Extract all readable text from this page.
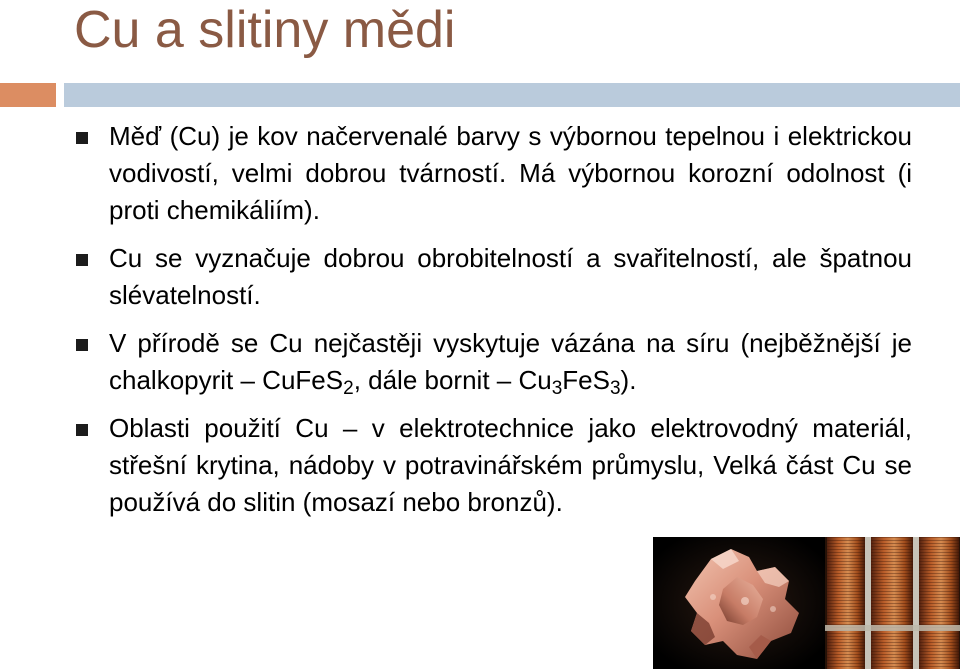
Cu a slitiny mědi
Měď (Cu) je kov načervenalé barvy s výbornou tepelnou i elektrickou vodivostí, velmi dobrou tvárností. Má výbornou korozní odolnost (i proti chemikáliím).
Cu se vyznačuje dobrou obrobitelností a svařitelností, ale špatnou slévatelností.
V přírodě se Cu nejčastěji vyskytuje vázána na síru (nejběžnější je chalkopyrit – CuFeS$_2$, dále bornit – $Cu_3FeS_3$).
Oblasti použití Cu – v elektrotechnice jako elektrovodný materiál, střešní krytina, nádoby v potravinářském průmyslu, Velká část Cu se používá do slitin (mosazí nebo bronzů).
